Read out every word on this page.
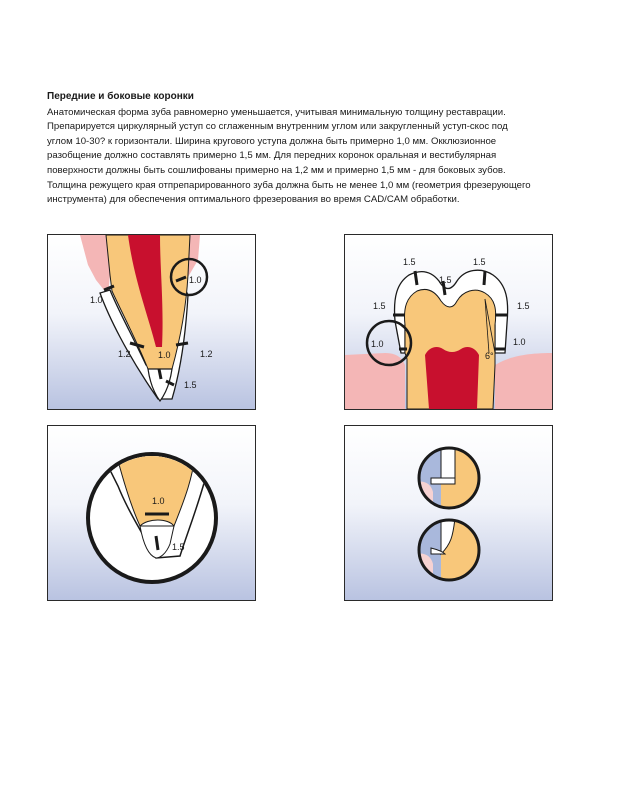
Передние и боковые коронки

Анатомическая форма зуба равномерно уменьшается, учитывая минимальную толщину реставрации.

Препарируется циркулярный уступ со сглаженным внутренним углом или закругленный уступ-скос под

углом 10-30? к горизонтали. Ширина кругового уступа должна быть примерно 1,0 мм. Окклюзионное

разобщение должно составлять примерно 1,5 мм. Для передних коронок оральная и вестибулярная

поверхности должны быть сошлифованы примерно на 1,2 мм и примерно 1,5 мм - для боковых зубов.

Толщина режущего края отпрепарированного зуба должна быть не менее 1,0 мм (геометрия фрезерующего

инструмента) для обеспечения оптимального фрезерования во время CAD/CAM обработки.

1.0
1.0
1.2	1.0	1.2
1.5
1.5
1.5
1.5
1.5	1.5
1.0	1.0
6°
1.0
1.5
forum.onliner.by
